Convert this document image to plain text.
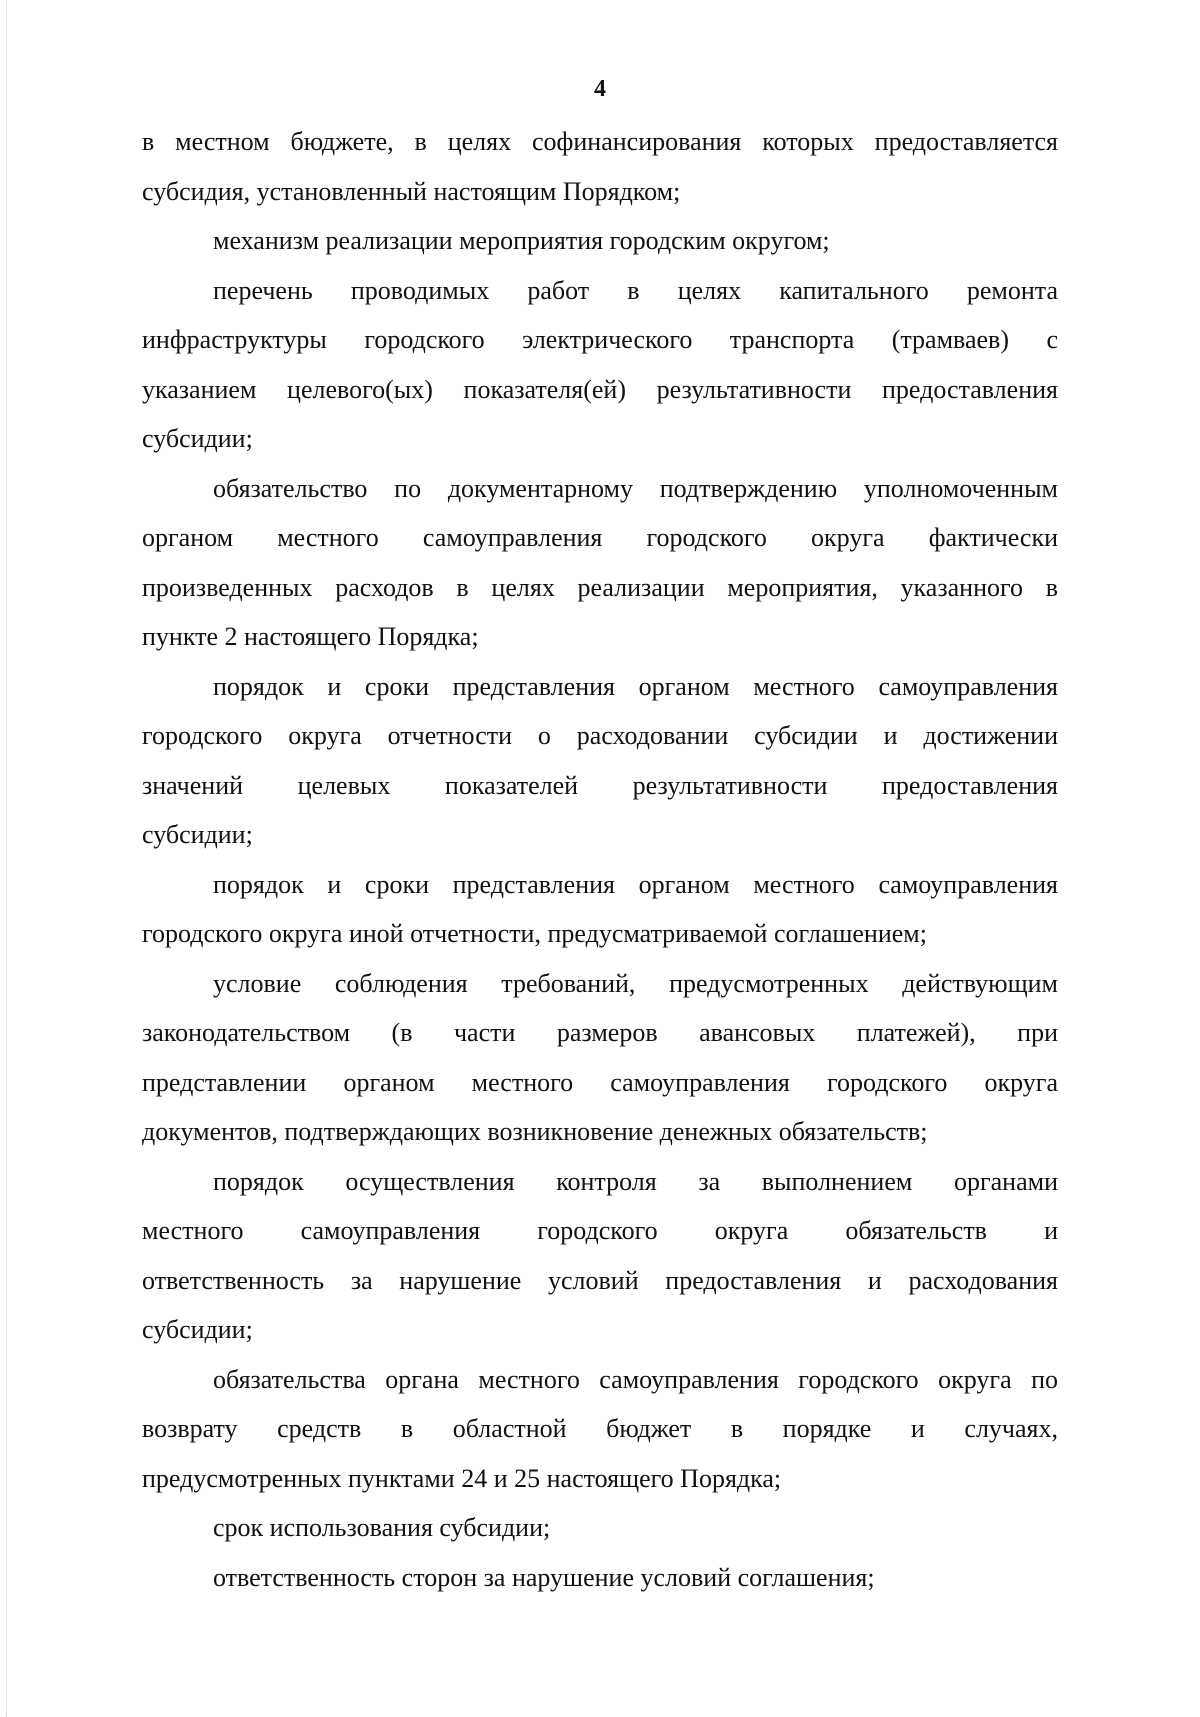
4
в местном бюджете, в целях софинансирования которых предоставляется
субсидия, установленный настоящим Порядком;
механизм реализации мероприятия городским округом;
перечень проводимых работ в целях капитального ремонта
инфраструктуры городского электрического транспорта (трамваев) с
указанием целевого(ых) показателя(ей) результативности предоставления
субсидии;
обязательство по документарному подтверждению уполномоченным
органом местного самоуправления городского округа фактически
произведенных расходов в целях реализации мероприятия, указанного в
пункте 2 настоящего Порядка;
порядок и сроки представления органом местного самоуправления
городского округа отчетности о расходовании субсидии и достижении
значений целевых показателей результативности предоставления
субсидии;
порядок и сроки представления органом местного самоуправления
городского округа иной отчетности, предусматриваемой соглашением;
условие соблюдения требований, предусмотренных действующим
законодательством (в части размеров авансовых платежей), при
представлении органом местного самоуправления городского округа
документов, подтверждающих возникновение денежных обязательств;
порядок осуществления контроля за выполнением органами
местного самоуправления городского округа обязательств и
ответственность за нарушение условий предоставления и расходования
субсидии;
обязательства органа местного самоуправления городского округа по
возврату средств в областной бюджет в порядке и случаях,
предусмотренных пунктами 24 и 25 настоящего Порядка;
срок использования субсидии;
ответственность сторон за нарушение условий соглашения;
